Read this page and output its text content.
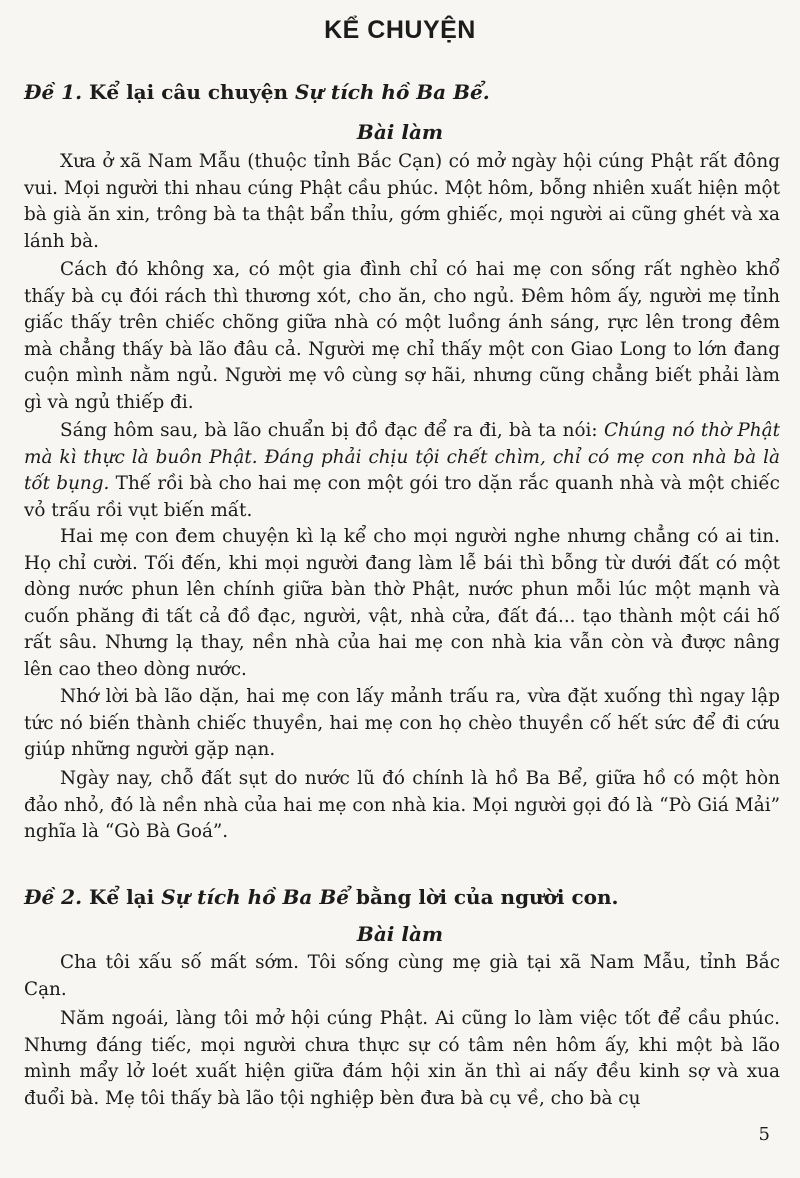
KỂ CHUYỆN
Đề 1. Kể lại câu chuyện Sự tích hồ Ba Bể.
Bài làm

Xưa ở xã Nam Mẫu (thuộc tỉnh Bắc Cạn) có mở ngày hội cúng Phật rất đông vui. Mọi người thi nhau cúng Phật cầu phúc. Một hôm, bỗng nhiên xuất hiện một bà già ăn xin, trông bà ta thật bẩn thỉu, gớm ghiếc, mọi người ai cũng ghét và xa lánh bà.

Cách đó không xa, có một gia đình chỉ có hai mẹ con sống rất nghèo khổ thấy bà cụ đói rách thì thương xót, cho ăn, cho ngủ. Đêm hôm ấy, người mẹ tỉnh giấc thấy trên chiếc chõng giữa nhà có một luồng ánh sáng, rực lên trong đêm mà chẳng thấy bà lão đâu cả. Người mẹ chỉ thấy một con Giao Long to lớn đang cuộn mình nằm ngủ. Người mẹ vô cùng sợ hãi, nhưng cũng chẳng biết phải làm gì và ngủ thiếp đi.

Sáng hôm sau, bà lão chuẩn bị đồ đạc để ra đi, bà ta nói: Chúng nó thờ Phật mà kì thực là buôn Phật. Đáng phải chịu tội chết chìm, chỉ có mẹ con nhà bà là tốt bụng. Thế rồi bà cho hai mẹ con một gói tro dặn rắc quanh nhà và một chiếc vỏ trấu rồi vụt biến mất.

Hai mẹ con đem chuyện kì lạ kể cho mọi người nghe nhưng chẳng có ai tin. Họ chỉ cười. Tối đến, khi mọi người đang làm lễ bái thì bỗng từ dưới đất có một dòng nước phun lên chính giữa bàn thờ Phật, nước phun mỗi lúc một mạnh và cuốn phăng đi tất cả đồ đạc, người, vật, nhà cửa, đất đá... tạo thành một cái hố rất sâu. Nhưng lạ thay, nền nhà của hai mẹ con nhà kia vẫn còn và được nâng lên cao theo dòng nước.

Nhớ lời bà lão dặn, hai mẹ con lấy mảnh trấu ra, vừa đặt xuống thì ngay lập tức nó biến thành chiếc thuyền, hai mẹ con họ chèo thuyền cố hết sức để đi cứu giúp những người gặp nạn.

Ngày nay, chỗ đất sụt do nước lũ đó chính là hồ Ba Bể, giữa hồ có một hòn đảo nhỏ, đó là nền nhà của hai mẹ con nhà kia. Mọi người gọi đó là “Pò Giá Mải” nghĩa là “Gò Bà Goá”.

Đề 2. Kể lại Sự tích hồ Ba Bể bằng lời của người con.
Bài làm

Cha tôi xấu số mất sớm. Tôi sống cùng mẹ già tại xã Nam Mẫu, tỉnh Bắc Cạn.

Năm ngoái, làng tôi mở hội cúng Phật. Ai cũng lo làm việc tốt để cầu phúc. Nhưng đáng tiếc, mọi người chưa thực sự có tâm nên hôm ấy, khi một bà lão mình mẩy lở loét xuất hiện giữa đám hội xin ăn thì ai nấy đều kinh sợ và xua đuổi bà. Mẹ tôi thấy bà lão tội nghiệp bèn đưa bà cụ về, cho bà cụ

5
